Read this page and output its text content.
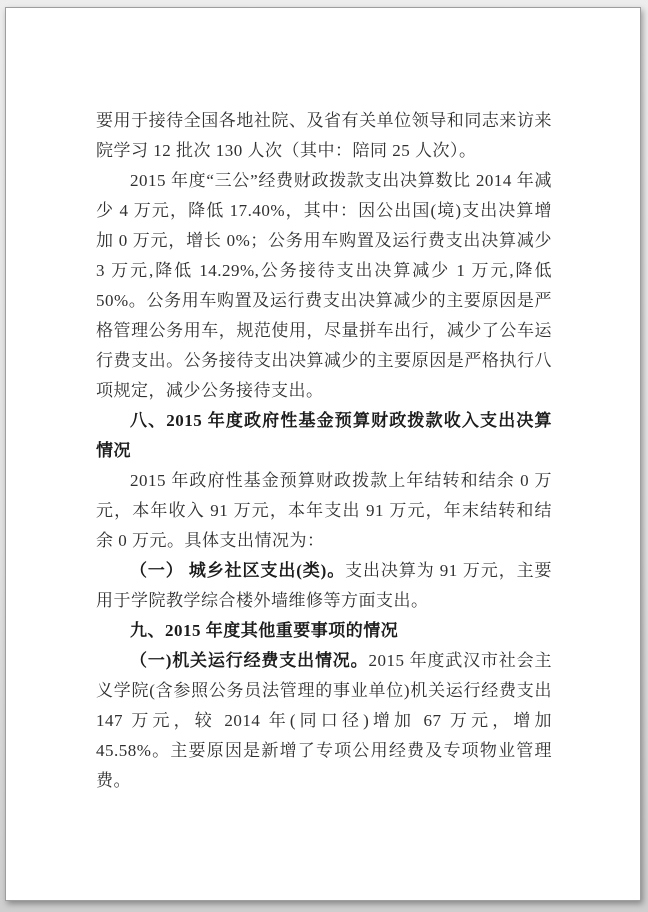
要用于接待全国各地社院、及省有关单位领导和同志来访来院学习 12 批次 130 人次（其中：陪同 25 人次）。

2015 年度“三公”经费财政拨款支出决算数比 2014 年减少 4 万元，降低 17.40%，其中：因公出国(境)支出决算增加 0 万元，增长 0%；公务用车购置及运行费支出决算减少 3 万元,降低 14.29%,公务接待支出决算减少 1 万元,降低 50%。公务用车购置及运行费支出决算减少的主要原因是严格管理公务用车，规范使用，尽量拼车出行，减少了公车运行费支出。公务接待支出决算减少的主要原因是严格执行八项规定，减少公务接待支出。

八、2015 年度政府性基金预算财政拨款收入支出决算情况

2015 年政府性基金预算财政拨款上年结转和结余 0 万元，本年收入 91 万元，本年支出 91 万元，年末结转和结余 0 万元。具体支出情况为：

（一） 城乡社区支出(类)。支出决算为 91 万元，主要用于学院教学综合楼外墙维修等方面支出。

九、2015 年度其他重要事项的情况

（一)机关运行经费支出情况。2015 年度武汉市社会主义学院(含参照公务员法管理的事业单位)机关运行经费支出 147 万元，较 2014 年(同口径)增加 67 万元，增加 45.58%。主要原因是新增了专项公用经费及专项物业管理费。
